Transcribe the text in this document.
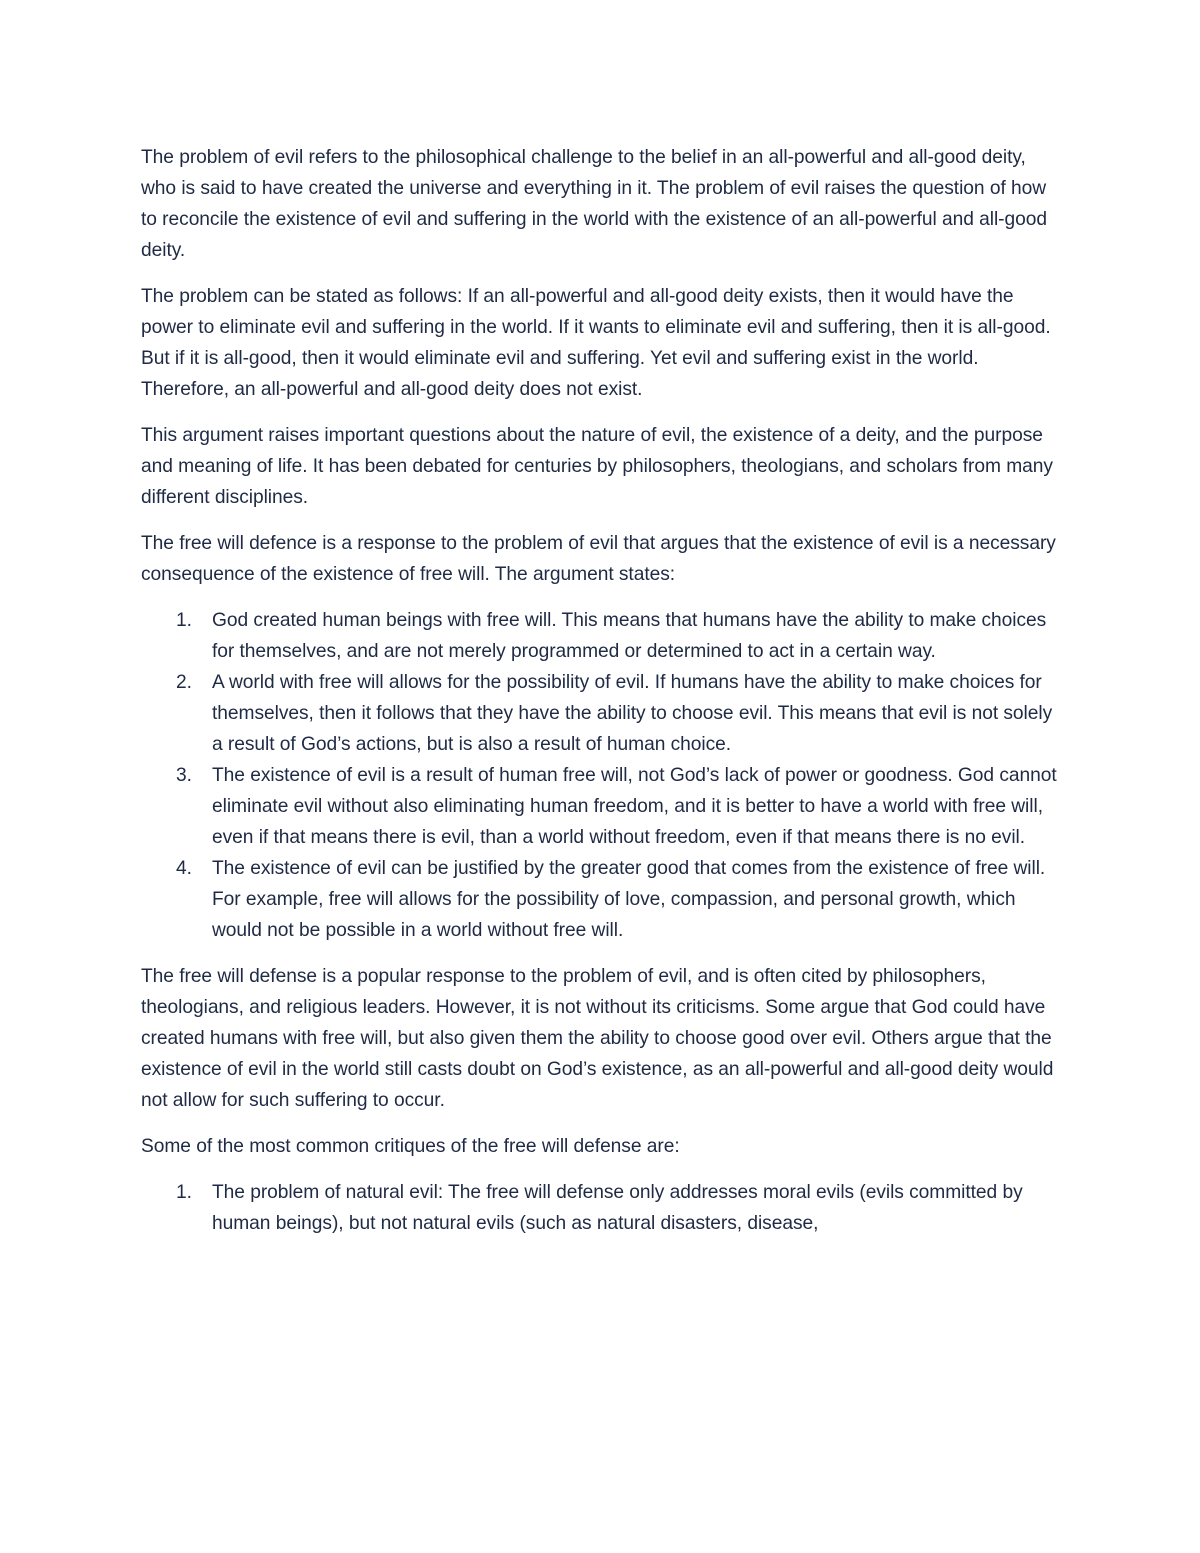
The problem of evil refers to the philosophical challenge to the belief in an all-powerful and all-good deity, who is said to have created the universe and everything in it. The problem of evil raises the question of how to reconcile the existence of evil and suffering in the world with the existence of an all-powerful and all-good deity.

The problem can be stated as follows: If an all-powerful and all-good deity exists, then it would have the power to eliminate evil and suffering in the world. If it wants to eliminate evil and suffering, then it is all-good. But if it is all-good, then it would eliminate evil and suffering. Yet evil and suffering exist in the world. Therefore, an all-powerful and all-good deity does not exist.

This argument raises important questions about the nature of evil, the existence of a deity, and the purpose and meaning of life. It has been debated for centuries by philosophers, theologians, and scholars from many different disciplines.

The free will defence is a response to the problem of evil that argues that the existence of evil is a necessary consequence of the existence of free will. The argument states:

1. God created human beings with free will. This means that humans have the ability to make choices for themselves, and are not merely programmed or determined to act in a certain way.
2. A world with free will allows for the possibility of evil. If humans have the ability to make choices for themselves, then it follows that they have the ability to choose evil. This means that evil is not solely a result of God’s actions, but is also a result of human choice.
3. The existence of evil is a result of human free will, not God’s lack of power or goodness. God cannot eliminate evil without also eliminating human freedom, and it is better to have a world with free will, even if that means there is evil, than a world without freedom, even if that means there is no evil.
4. The existence of evil can be justified by the greater good that comes from the existence of free will. For example, free will allows for the possibility of love, compassion, and personal growth, which would not be possible in a world without free will.

The free will defense is a popular response to the problem of evil, and is often cited by philosophers, theologians, and religious leaders. However, it is not without its criticisms. Some argue that God could have created humans with free will, but also given them the ability to choose good over evil. Others argue that the existence of evil in the world still casts doubt on God’s existence, as an all-powerful and all-good deity would not allow for such suffering to occur.

Some of the most common critiques of the free will defense are:

1. The problem of natural evil: The free will defense only addresses moral evils (evils committed by human beings), but not natural evils (such as natural disasters, disease,
